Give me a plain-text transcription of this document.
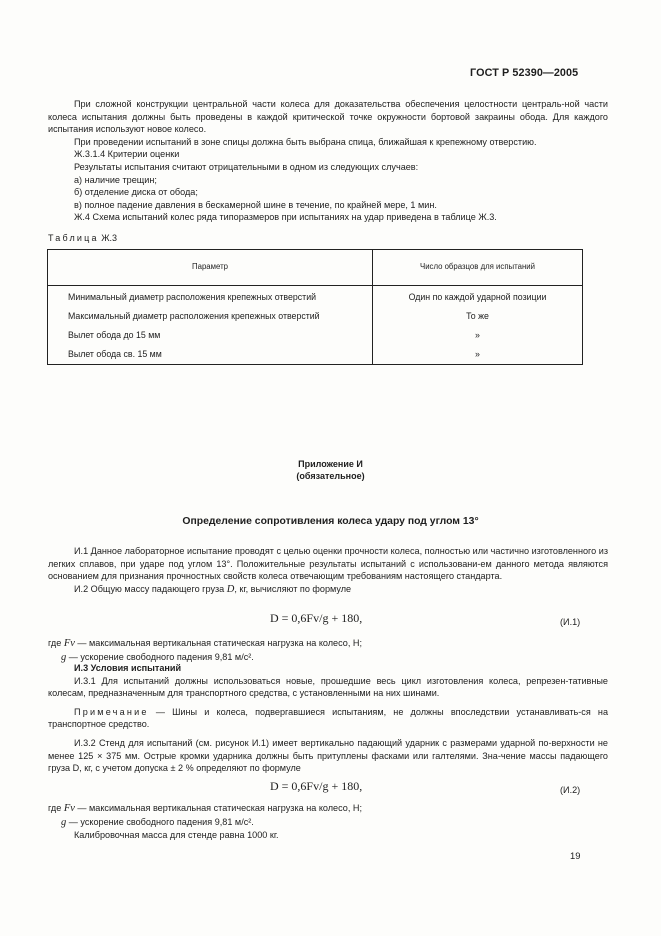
ГОСТ Р 52390—2005

При сложной конструкции центральной части колеса для доказательства обеспечения целостности централь-ной части колеса испытания должны быть проведены в каждой критической точке окружности бортовой закраины обода. Для каждого испытания используют новое колесо.

При проведении испытаний в зоне спицы должна быть выбрана спица, ближайшая к крепежному отверстию.

Ж.3.1.4 Критерии оценки

Результаты испытания считают отрицательными в одном из следующих случаев:

а) наличие трещин;

б) отделение диска от обода;

в) полное падение давления в бескамерной шине в течение, по крайней мере, 1 мин.

Ж.4 Схема испытаний колес ряда типоразмеров при испытаниях на удар приведена в таблице Ж.3.

Таблица Ж.3
Параметр	Число образцов для испытаний
Минимальный диаметр расположения крепежных отверстий	Один по каждой ударной позиции
Максимальный диаметр расположения крепежных отверстий	То же
Вылет обода до 15 мм	»
Вылет обода св. 15 мм	»
Приложение И
(обязательное)
Определение сопротивления колеса удару под углом 13°

И.1 Данное лабораторное испытание проводят с целью оценки прочности колеса, полностью или частично изготовленного из легких сплавов, при ударе под углом 13°. Положительные результаты испытаний с использовани-ем данного метода являются основанием для признания прочностных свойств колеса отвечающим требованиям настоящего стандарта.

И.2 Общую массу падающего груза D, кг, вычисляют по формуле

D = 0,6Fv/g + 180,	(И.1)
где Fv — максимальная вертикальная статическая нагрузка на колесо, Н;
g — ускорение свободного падения 9,81 м/с².

И.3 Условия испытаний

И.3.1 Для испытаний должны использоваться новые, прошедшие весь цикл изготовления колеса, репрезен-тативные колесам, предназначенным для транспортного средства, с установленными на них шинами.

Примечание — Шины и колеса, подвергавшиеся испытаниям, не должны впоследствии устанавливать-ся на транспортное средство.

И.3.2 Стенд для испытаний (см. рисунок И.1) имеет вертикально падающий ударник с размерами ударной по-верхности не менее 125 × 375 мм. Острые кромки ударника должны быть притуплены фасками или галтелями. Зна-чение массы падающего груза D, кг, с учетом допуска ± 2 % определяют по формуле

D = 0,6Fv/g + 180,	(И.2)
где Fv — максимальная вертикальная статическая нагрузка на колесо, Н;
g — ускорение свободного падения 9,81 м/с².
Калибровочная масса для стенде равна 1000 кг.
19
